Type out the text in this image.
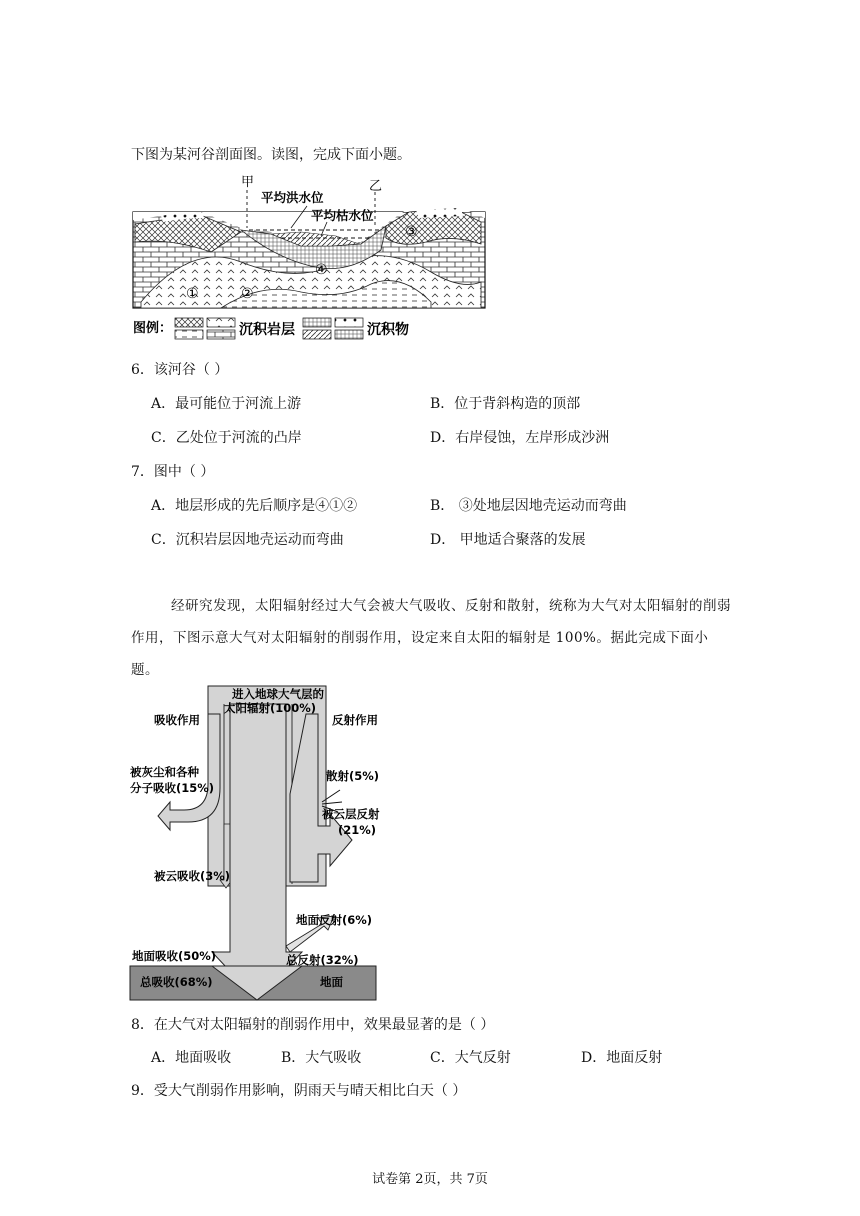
下图为某河谷剖面图。读图，完成下面小题。
甲	乙
平均洪水位
平均枯水位
①	②
③
④
图例：	沉积岩层	沉积物
6．该河谷（ ）
A．最可能位于河流上游	B．位于背斜构造的顶部
C．乙处位于河流的凸岸	D．右岸侵蚀，左岸形成沙洲
7．图中（ ）
A．地层形成的先后顺序是④①②	B． ③处地层因地壳运动而弯曲
C．沉积岩层因地壳运动而弯曲	D． 甲地适合聚落的发展
经研究发现，太阳辐射经过大气会被大气吸收、反射和散射，统称为大气对太阳辐射的削弱作用，下图示意大气对太阳辐射的削弱作用，设定来自太阳的辐射是 100%。据此完成下面小题。
进入地球大气层的
太阳辐射(100%)
吸收作用	反射作用
被灰尘和各种
分子吸收(15%)
散射(5%)
被云层反射
(21%)
被云吸收(3%)
地面反射(6%)
地面吸收(50%)	总反射(32%)
总吸收(68%)	地面
8．在大气对太阳辐射的削弱作用中，效果最显著的是（ ）
A．地面吸收	B．大气吸收	C．大气反射	D．地面反射
9．受大气削弱作用影响，阴雨天与晴天相比白天（ ）
试卷第 2页，共 7页
